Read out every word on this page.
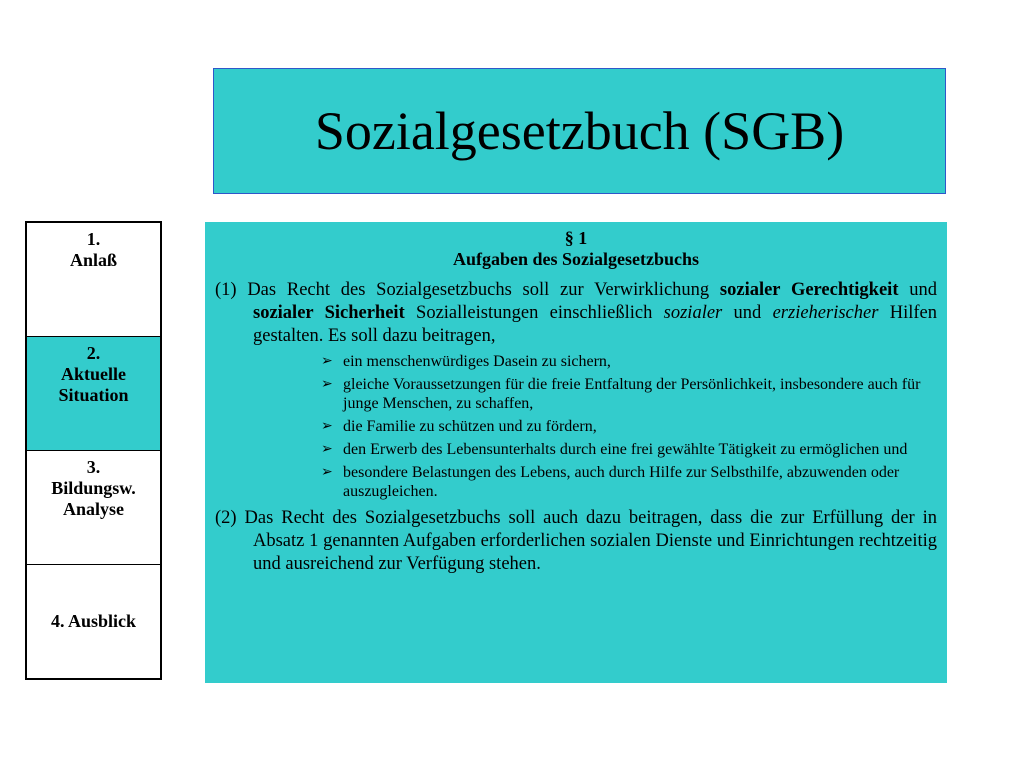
Sozialgesetzbuch (SGB)
1.
Anlaß
2.
Aktuelle
Situation
3.
Bildungsw.
Analyse
4. Ausblick
§ 1
Aufgaben des Sozialgesetzbuchs
(1) Das Recht des Sozialgesetzbuchs soll zur Verwirklichung sozialer Gerechtigkeit und sozialer Sicherheit Sozialleistungen einschließlich sozialer und erzieherischer Hilfen gestalten. Es soll dazu beitragen,
➢ ein menschenwürdiges Dasein zu sichern,
➢ gleiche Voraussetzungen für die freie Entfaltung der Persönlichkeit, insbesondere auch für junge Menschen, zu schaffen,
➢ die Familie zu schützen und zu fördern,
➢ den Erwerb des Lebensunterhalts durch eine frei gewählte Tätigkeit zu ermöglichen und
➢ besondere Belastungen des Lebens, auch durch Hilfe zur Selbsthilfe, abzuwenden oder auszugleichen.
(2) Das Recht des Sozialgesetzbuchs soll auch dazu beitragen, dass die zur Erfüllung der in Absatz 1 genannten Aufgaben erforderlichen sozialen Dienste und Einrichtungen rechtzeitig und ausreichend zur Verfügung stehen.
